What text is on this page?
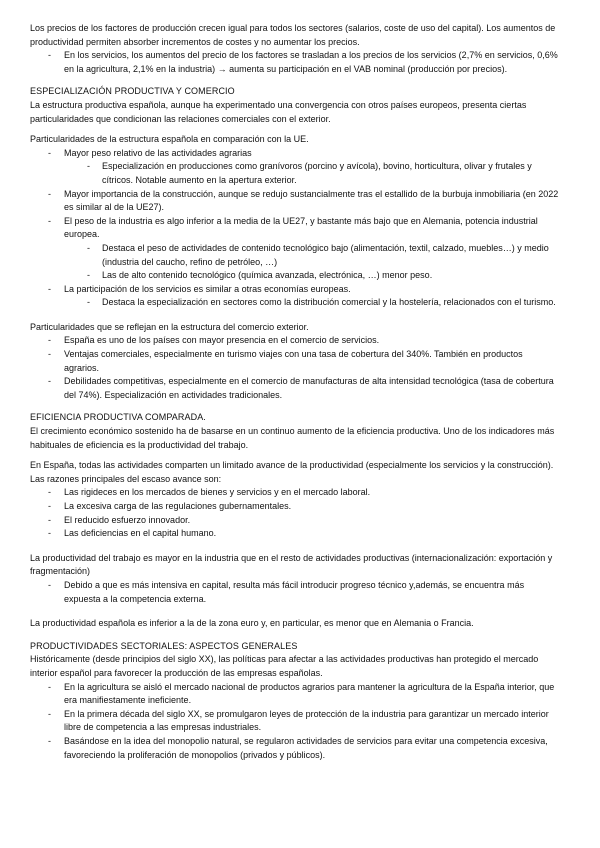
Los precios de los factores de producción crecen igual para todos los sectores (salarios, coste de uso del capital). Los aumentos de productividad permiten absorber incrementos de costes y no aumentar los precios.

- En los servicios, los aumentos del precio de los factores se trasladan a los precios de los servicios (2,7% en servicios, 0,6% en la agricultura, 2,1% en la industria) → aumenta su participación en el VAB nominal (producción por precios).

ESPECIALIZACIÓN PRODUCTIVA Y COMERCIO

La estructura productiva española, aunque ha experimentado una convergencia con otros países europeos, presenta ciertas particularidades que condicionan las relaciones comerciales con el exterior.

Particularidades de la estructura española en comparación con la UE.

- Mayor peso relativo de las actividades agrarias
- Especialización en producciones como granívoros (porcino y avícola), bovino, horticultura, olivar y frutales y cítricos. Notable aumento en la apertura exterior.
- Mayor importancia de la construcción, aunque se redujo sustancialmente tras el estallido de la burbuja inmobiliaria (en 2022 es similar al de la UE27).
- El peso de la industria es algo inferior a la media de la UE27, y bastante más bajo que en Alemania, potencia industrial europea.
- Destaca el peso de actividades de contenido tecnológico bajo (alimentación, textil, calzado, muebles…) y medio (industria del caucho, refino de petróleo, …)
- Las de alto contenido tecnológico (química avanzada, electrónica, …) menor peso.
- La participación de los servicios es similar a otras economías europeas.
- Destaca la especialización en sectores como la distribución comercial y la hostelería, relacionados con el turismo.

Particularidades que se reflejan en la estructura del comercio exterior.

- España es uno de los países con mayor presencia en el comercio de servicios.
- Ventajas comerciales, especialmente en turismo viajes con una tasa de cobertura del 340%. También en productos agrarios.
- Debilidades competitivas, especialmente en el comercio de manufacturas de alta intensidad tecnológica (tasa de cobertura del 74%). Especialización en actividades tradicionales.

EFICIENCIA PRODUCTIVA COMPARADA.

El crecimiento económico sostenido ha de basarse en un continuo aumento de la eficiencia productiva. Uno de los indicadores más habituales de eficiencia es la productividad del trabajo.

En España, todas las actividades comparten un limitado avance de la productividad (especialmente los servicios y la construcción). Las razones principales del escaso avance son:

- Las rigideces en los mercados de bienes y servicios y en el mercado laboral.
- La excesiva carga de las regulaciones gubernamentales.
- El reducido esfuerzo innovador.
- Las deficiencias en el capital humano.

La productividad del trabajo es mayor en la industria que en el resto de actividades productivas (internacionalización: exportación y fragmentación)

- Debido a que es más intensiva en capital, resulta más fácil introducir progreso técnico y,además, se encuentra más expuesta a la competencia externa.

La productividad española es inferior a la de la zona euro y, en particular, es menor que en Alemania o Francia.

PRODUCTIVIDADES SECTORIALES: ASPECTOS GENERALES

Históricamente (desde principios del siglo XX), las políticas para afectar a las actividades productivas han protegido el mercado interior español para favorecer la producción de las empresas españolas.

- En la agricultura se aisló el mercado nacional de productos agrarios para mantener la agricultura de la España interior, que era manifiestamente ineficiente.
- En la primera década del siglo XX, se promulgaron leyes de protección de la industria para garantizar un mercado interior libre de competencia a las empresas industriales.
- Basándose en la idea del monopolio natural, se regularon actividades de servicios para evitar una competencia excesiva, favoreciendo la proliferación de monopolios (privados y públicos).
